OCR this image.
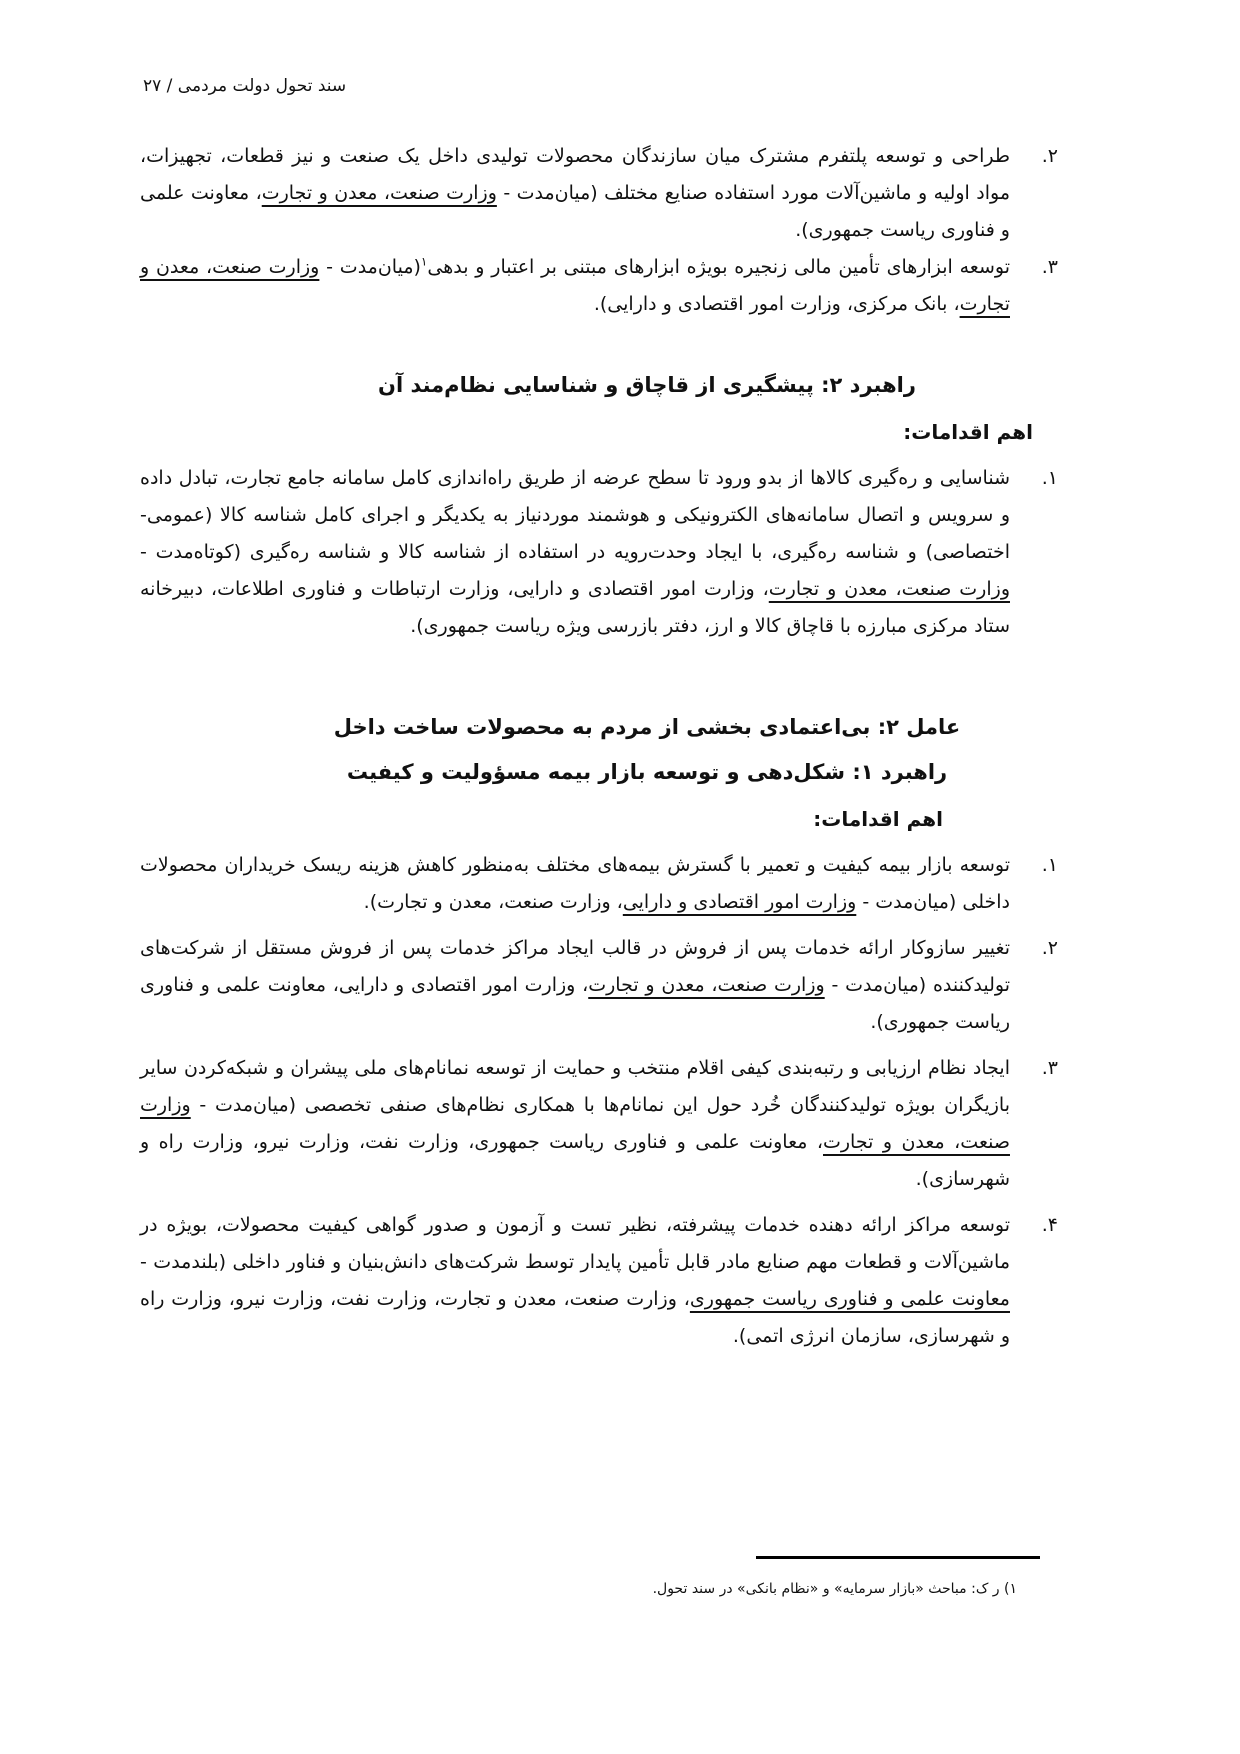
سند تحول دولت مردمی / ۲۷
۲.
طراحی و توسعه پلتفرم مشترک میان سازندگان محصولات تولیدی داخل یک صنعت و نیز قطعات، تجهیزات، مواد اولیه و ماشین‌آلات مورد استفاده صنایع مختلف (میان‌مدت - وزارت صنعت، معدن و تجارت، معاونت علمی و فناوری ریاست جمهوری).
۳.
توسعه ابزارهای تأمین مالی زنجیره بویژه ابزارهای مبتنی بر اعتبار و بدهی$^۱$(میان‌مدت - وزارت صنعت، معدن و تجارت، بانک مرکزی، وزارت امور اقتصادی و دارایی).
راهبرد ۲: پیشگیری از قاچاق و شناسایی نظام‌مند آن
اهم اقدامات:
۱.
شناسایی و ره‌گیری کالاها از بدو ورود تا سطح عرضه از طریق راه‌اندازی کامل سامانه جامع تجارت، تبادل داده و سرویس و اتصال سامانه‌های الکترونیکی و هوشمند موردنیاز به یکدیگر و اجرای کامل شناسه کالا (عمومی- اختصاصی) و شناسه ره‌گیری، با ایجاد وحدت‌رویه در استفاده از شناسه کالا و شناسه ره‌گیری (کوتاه‌مدت - وزارت صنعت، معدن و تجارت، وزارت امور اقتصادی و دارایی، وزارت ارتباطات و فناوری اطلاعات، دبیرخانه ستاد مرکزی مبارزه با قاچاق کالا و ارز، دفتر بازرسی ویژه ریاست جمهوری).
عامل ۲: بی‌اعتمادی بخشی از مردم به محصولات ساخت داخل
راهبرد ۱: شکل‌دهی و توسعه بازار بیمه مسؤولیت و کیفیت
اهم اقدامات:
۱.
توسعه بازار بیمه کیفیت و تعمیر با گسترش بیمه‌های مختلف به‌منظور کاهش هزینه ریسک خریداران محصولات داخلی (میان‌مدت - وزارت امور اقتصادی و دارایی، وزارت صنعت، معدن و تجارت).
۲.
تغییر سازوکار ارائه خدمات پس از فروش در قالب ایجاد مراکز خدمات پس از فروش مستقل از شرکت‌های تولیدکننده (میان‌مدت - وزارت صنعت، معدن و تجارت، وزارت امور اقتصادی و دارایی، معاونت علمی و فناوری ریاست جمهوری).
۳.
ایجاد نظام ارزیابی و رتبه‌بندی کیفی اقلام منتخب و حمایت از توسعه نمانام‌های ملی پیشران و شبکه‌کردن سایر بازیگران بویژه تولیدکنندگان خُرد حول این نمانام‌ها با همکاری نظام‌های صنفی تخصصی (میان‌مدت - وزارت صنعت، معدن و تجارت، معاونت علمی و فناوری ریاست جمهوری، وزارت نفت، وزارت نیرو، وزارت راه و شهرسازی).
۴.
توسعه مراکز ارائه دهنده خدمات پیشرفته، نظیر تست و آزمون و صدور گواهی کیفیت محصولات، بویژه در ماشین‌آلات و قطعات مهم صنایع مادر قابل تأمین پایدار توسط شرکت‌های دانش‌بنیان و فناور داخلی (بلندمدت - معاونت علمی و فناوری ریاست جمهوری، وزارت صنعت، معدن و تجارت، وزارت نفت، وزارت نیرو، وزارت راه و شهرسازی، سازمان انرژی اتمی).
۱) ر ک: مباحث «بازار سرمایه» و «نظام بانکی» در سند تحول.
